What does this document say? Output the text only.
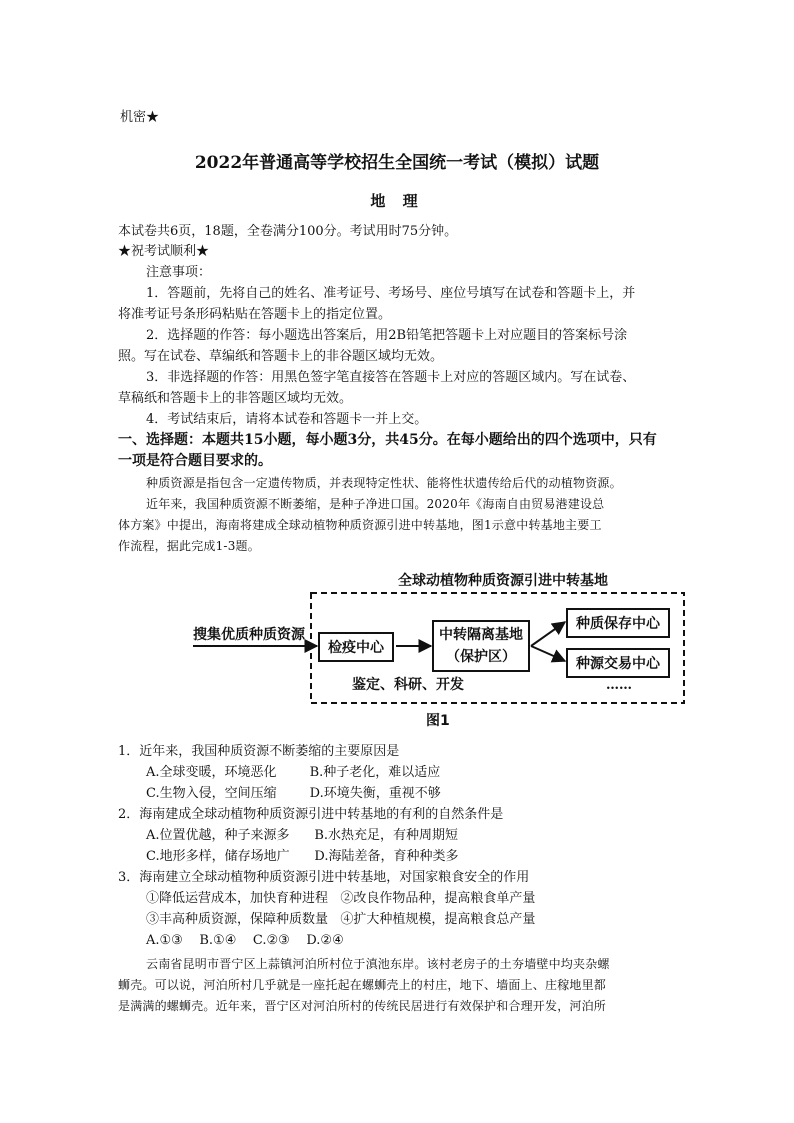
机密★
2022年普通高等学校招生全国统一考试（模拟）试题
地 理
本试卷共6页，18题，全卷满分100分。考试用时75分钟。
★祝考试顺利★
注意事项：
1．答题前，先将自己的姓名、准考证号、考场号、座位号填写在试卷和答题卡上，并
将准考证号条形码粘贴在答题卡上的指定位置。
2．选择题的作答：每小题选出答案后，用2B铅笔把答题卡上对应题目的答案标号涂
照。写在试卷、草编纸和答题卡上的非谷题区域均无效。
3．非选择题的作答：用黑色签字笔直接答在答题卡上对应的答题区域内。写在试卷、
草稿纸和答题卡上的非答题区域均无效。
4．考试结束后，请将本试卷和答题卡一并上交。
一、选择题：本题共15小题，每小题3分，共45分。在每小题给出的四个选项中，只有
一项是符合题目要求的。
种质资源是指包含一定遗传物质，并表现特定性状、能将性状遗传给后代的动植物资源。
近年来，我国种质资源不断萎缩，是种子净进口国。2020年《海南自由贸易港建设总
体方案》中提出，海南将建成全球动植物种质资源引进中转基地，图1示意中转基地主要工
作流程，据此完成1-3题。
全球动植物种质资源引进中转基地
搜集优质种质资源
检疫中心
中转隔离基地
（保护区）
种质保存中心
种源交易中心
鉴定、科研、开发	……
图1
1．近年来，我国种质资源不断萎缩的主要原因是
A.全球变暖，环境恶化        B.种子老化，难以适应
C.生物入侵，空间压缩        D.环境失衡，重视不够
2．海南建成全球动植物种质资源引进中转基地的有利的自然条件是
A.位置优越，种子来源多      B.水热充足，有种周期短
C.地形多样，储存场地广      D.海陆差备，育种种类多
3．海南建立全球动植物种质资源引进中转基地，对国家粮食安全的作用
①降低运营成本，加快育种进程   ②改良作物品种，提高粮食单产量
③丰高种质资源，保障种质数量   ④扩大种植规模，提高粮食总产量
A.①③    B.①④    C.②③    D.②④
云南省昆明市晋宁区上蒜镇河泊所村位于滇池东岸。该村老房子的土夯墙壁中均夹杂螺
蛳壳。可以说，河泊所村几乎就是一座托起在螺蛳壳上的村庄，地下、墙面上、庄稼地里都
是满满的螺蛳壳。近年来，晋宁区对河泊所村的传统民居进行有效保护和合理开发，河泊所
